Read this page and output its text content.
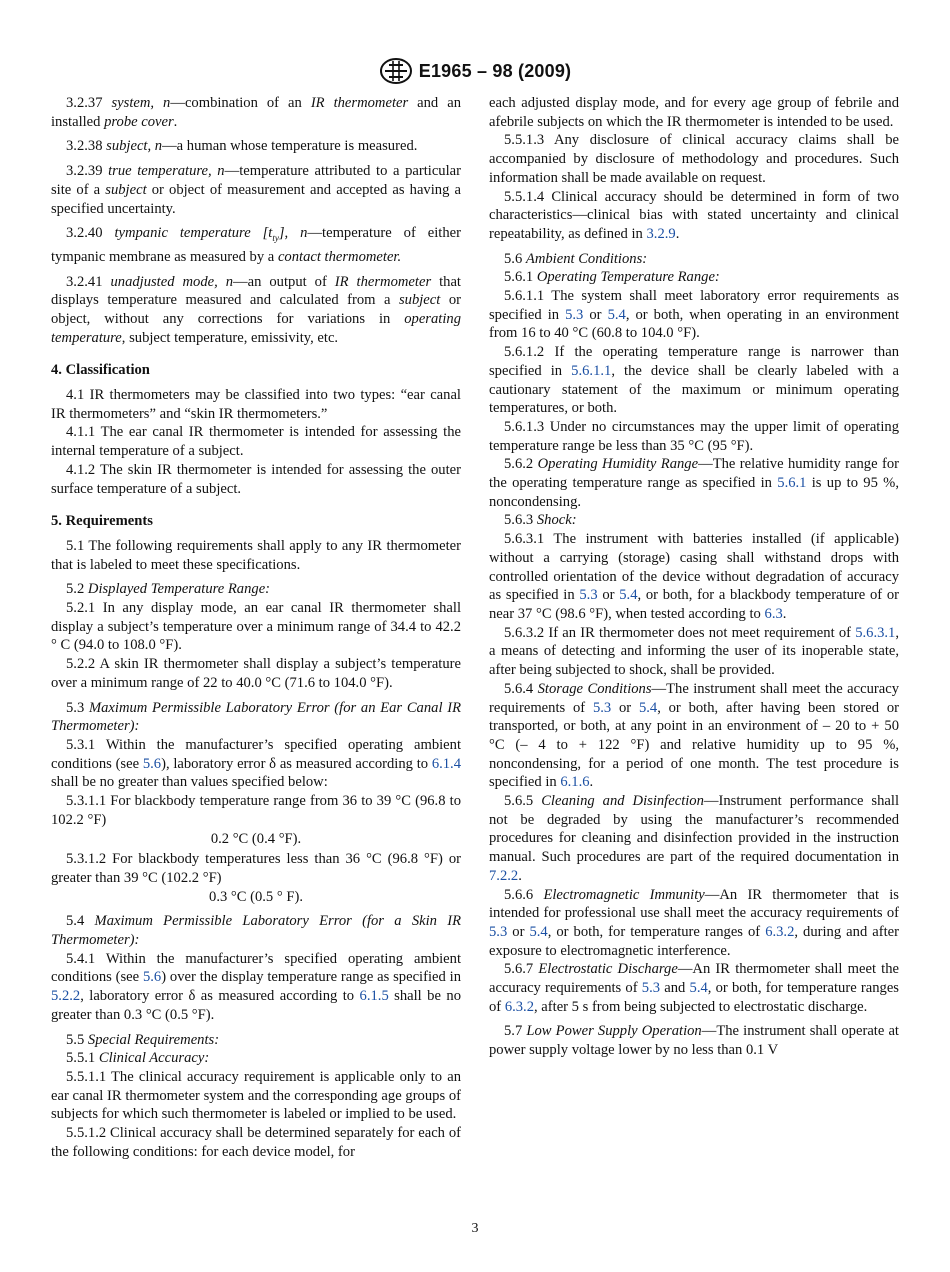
E1965 – 98 (2009)

3.2.37 system, n—combination of an IR thermometer and an installed probe cover.

3.2.38 subject, n—a human whose temperature is measured.

3.2.39 true temperature, n—temperature attributed to a particular site of a subject or object of measurement and accepted as having a specified uncertainty.

3.2.40 tympanic temperature $[t_{ty}]$, n—temperature of either tympanic membrane as measured by a contact thermometer.

3.2.41 unadjusted mode, n—an output of IR thermometer that displays temperature measured and calculated from a subject or object, without any corrections for variations in operating temperature, subject temperature, emissivity, etc.

4. Classification

4.1 IR thermometers may be classified into two types: “ear canal IR thermometers” and “skin IR thermometers.”

4.1.1 The ear canal IR thermometer is intended for assessing the internal temperature of a subject.

4.1.2 The skin IR thermometer is intended for assessing the outer surface temperature of a subject.

5. Requirements

5.1 The following requirements shall apply to any IR thermometer that is labeled to meet these specifications.

5.2 Displayed Temperature Range:

5.2.1 In any display mode, an ear canal IR thermometer shall display a subject’s temperature over a minimum range of 34.4 to 42.2 ° C (94.0 to 108.0 °F).

5.2.2 A skin IR thermometer shall display a subject’s temperature over a minimum range of 22 to 40.0 °C (71.6 to 104.0 °F).

5.3 Maximum Permissible Laboratory Error (for an Ear Canal IR Thermometer):

5.3.1 Within the manufacturer’s specified operating ambient conditions (see 5.6), laboratory error δ as measured according to 6.1.4 shall be no greater than values specified below:

5.3.1.1 For blackbody temperature range from 36 to 39 °C (96.8 to 102.2 °F)

0.2 °C (0.4 °F).

5.3.1.2 For blackbody temperatures less than 36 °C (96.8 °F) or greater than 39 °C (102.2 °F)

0.3 °C (0.5 ° F).

5.4 Maximum Permissible Laboratory Error (for a Skin IR Thermometer):

5.4.1 Within the manufacturer’s specified operating ambient conditions (see 5.6) over the display temperature range as specified in 5.2.2, laboratory error δ as measured according to 6.1.5 shall be no greater than 0.3 °C (0.5 °F).

5.5 Special Requirements:

5.5.1 Clinical Accuracy:

5.5.1.1 The clinical accuracy requirement is applicable only to an ear canal IR thermometer system and the corresponding age groups of subjects for which such thermometer is labeled or implied to be used.

5.5.1.2 Clinical accuracy shall be determined separately for each of the following conditions: for each device model, for

each adjusted display mode, and for every age group of febrile and afebrile subjects on which the IR thermometer is intended to be used.

5.5.1.3 Any disclosure of clinical accuracy claims shall be accompanied by disclosure of methodology and procedures. Such information shall be made available on request.

5.5.1.4 Clinical accuracy should be determined in form of two characteristics—clinical bias with stated uncertainty and clinical repeatability, as defined in 3.2.9.

5.6 Ambient Conditions:

5.6.1 Operating Temperature Range:

5.6.1.1 The system shall meet laboratory error requirements as specified in 5.3 or 5.4, or both, when operating in an environment from 16 to 40 °C (60.8 to 104.0 °F).

5.6.1.2 If the operating temperature range is narrower than specified in 5.6.1.1, the device shall be clearly labeled with a cautionary statement of the maximum or minimum operating temperatures, or both.

5.6.1.3 Under no circumstances may the upper limit of operating temperature range be less than 35 °C (95 °F).

5.6.2 Operating Humidity Range—The relative humidity range for the operating temperature range as specified in 5.6.1 is up to 95 %, noncondensing.

5.6.3 Shock:

5.6.3.1 The instrument with batteries installed (if applicable) without a carrying (storage) casing shall withstand drops with controlled orientation of the device without degradation of accuracy as specified in 5.3 or 5.4, or both, for a blackbody temperature of or near 37 °C (98.6 °F), when tested according to 6.3.

5.6.3.2 If an IR thermometer does not meet requirement of 5.6.3.1, a means of detecting and informing the user of its inoperable state, after being subjected to shock, shall be provided.

5.6.4 Storage Conditions—The instrument shall meet the accuracy requirements of 5.3 or 5.4, or both, after having been stored or transported, or both, at any point in an environment of – 20 to + 50 °C (– 4 to + 122 °F) and relative humidity up to 95 %, noncondensing, for a period of one month. The test procedure is specified in 6.1.6.

5.6.5 Cleaning and Disinfection—Instrument performance shall not be degraded by using the manufacturer’s recommended procedures for cleaning and disinfection provided in the instruction manual. Such procedures are part of the required documentation in 7.2.2.

5.6.6 Electromagnetic Immunity—An IR thermometer that is intended for professional use shall meet the accuracy requirements of 5.3 or 5.4, or both, for temperature ranges of 6.3.2, during and after exposure to electromagnetic interference.

5.6.7 Electrostatic Discharge—An IR thermometer shall meet the accuracy requirements of 5.3 and 5.4, or both, for temperature ranges of 6.3.2, after 5 s from being subjected to electrostatic discharge.

5.7 Low Power Supply Operation—The instrument shall operate at power supply voltage lower by no less than 0.1 V

3
